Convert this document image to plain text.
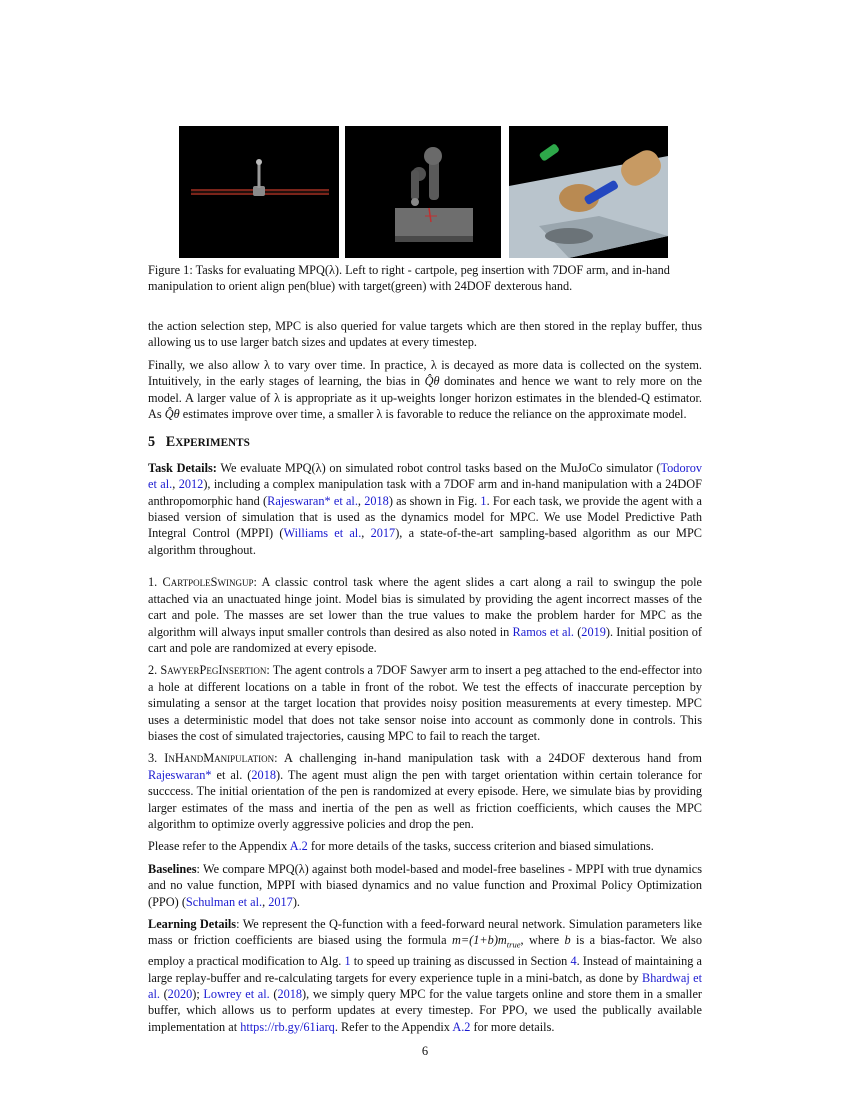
Figure 1: Tasks for evaluating MPQ(λ). Left to right - cartpole, peg insertion with 7DOF arm, and in-hand
manipulation to orient align pen(blue) with target(green) with 24DOF dexterous hand.

the action selection step, MPC is also queried for value targets which are then stored in the replay buffer, thus allowing us to use larger batch sizes and updates at every timestep.

Finally, we also allow λ to vary over time. In practice, λ is decayed as more data is collected on the system. Intuitively, in the early stages of learning, the bias in Q̂θ dominates and hence we want to rely more on the model. A larger value of λ is appropriate as it up-weights longer horizon estimates in the blended-Q estimator. As Q̂θ estimates improve over time, a smaller λ is favorable to reduce the reliance on the approximate model.

5 EXPERIMENTS

Task Details: We evaluate MPQ(λ) on simulated robot control tasks based on the MuJoCo simulator (Todorov et al., 2012), including a complex manipulation task with a 7DOF arm and in-hand manipulation with a 24DOF anthropomorphic hand (Rajeswaran* et al., 2018) as shown in Fig. 1. For each task, we provide the agent with a biased version of simulation that is used as the dynamics model for MPC. We use Model Predictive Path Integral Control (MPPI) (Williams et al., 2017), a state-of-the-art sampling-based algorithm as our MPC algorithm throughout.

1. CartpoleSwingup: A classic control task where the agent slides a cart along a rail to swingup the pole attached via an unactuated hinge joint. Model bias is simulated by providing the agent incorrect masses of the cart and pole. The masses are set lower than the true values to make the problem harder for MPC as the algorithm will always input smaller controls than desired as also noted in Ramos et al. (2019). Initial position of cart and pole are randomized at every episode.

2. SawyerPegInsertion: The agent controls a 7DOF Sawyer arm to insert a peg attached to the end-effector into a hole at different locations on a table in front of the robot. We test the effects of inaccurate perception by simulating a sensor at the target location that provides noisy position measurements at every timestep. MPC uses a deterministic model that does not take sensor noise into account as commonly done in controls. This biases the cost of simulated trajectories, causing MPC to fail to reach the target.

3. InHandManipulation: A challenging in-hand manipulation task with a 24DOF dexterous hand from Rajeswaran* et al. (2018). The agent must align the pen with target orientation within certain tolerance for succcess. The initial orientation of the pen is randomized at every episode. Here, we simulate bias by providing larger estimates of the mass and inertia of the pen as well as friction coefficients, which causes the MPC algorithm to optimize overly aggressive policies and drop the pen.

Please refer to the Appendix A.2 for more details of the tasks, success criterion and biased simulations.

Baselines: We compare MPQ(λ) against both model-based and model-free baselines - MPPI with true dynamics and no value function, MPPI with biased dynamics and no value function and Proximal Policy Optimization (PPO) (Schulman et al., 2017).

Learning Details: We represent the Q-function with a feed-forward neural network. Simulation parameters like mass or friction coefficients are biased using the formula $m=(1+b)m_{true}$, where b is a bias-factor. We also employ a practical modification to Alg. 1 to speed up training as discussed in Section 4. Instead of maintaining a large replay-buffer and re-calculating targets for every experience tuple in a mini-batch, as done by Bhardwaj et al. (2020); Lowrey et al. (2018), we simply query MPC for the value targets online and store them in a smaller buffer, which allows us to perform updates at every timestep. For PPO, we used the publically available implementation at https://rb.gy/61iarq. Refer to the Appendix A.2 for more details.

6
